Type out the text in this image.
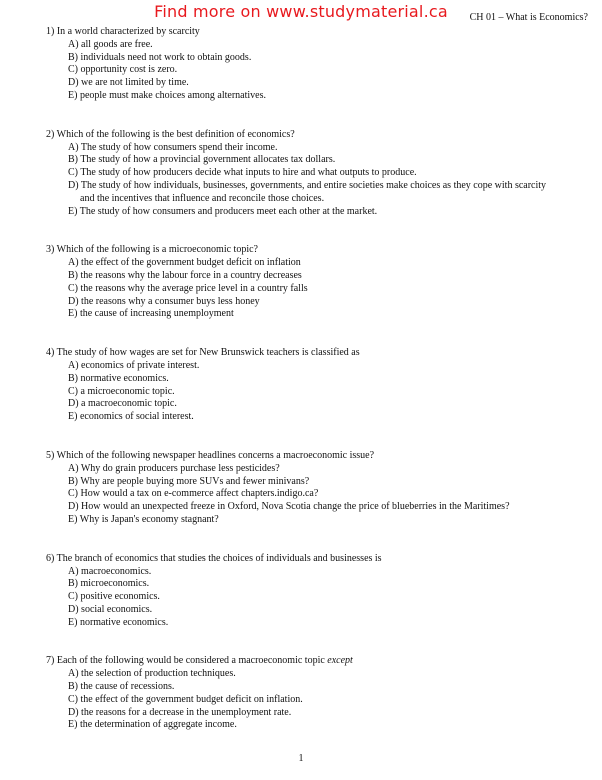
Find more on www.studymaterial.ca	CH 01 – What is Economics?

1) In a world characterized by scarcity

A) all goods are free.

B) individuals need not work to obtain goods.

C) opportunity cost is zero.

D) we are not limited by time.

E) people must make choices among alternatives.

2) Which of the following is the best definition of economics?

A) The study of how consumers spend their income.

B) The study of how a provincial government allocates tax dollars.

C) The study of how producers decide what inputs to hire and what outputs to produce.

D) The study of how individuals, businesses, governments, and entire societies make choices as they cope with scarcity
and the incentives that influence and reconcile those choices.

E) The study of how consumers and producers meet each other at the market.

3) Which of the following is a microeconomic topic?

A) the effect of the government budget deficit on inflation

B) the reasons why the labour force in a country decreases

C) the reasons why the average price level in a country falls

D) the reasons why a consumer buys less honey

E) the cause of increasing unemployment

4) The study of how wages are set for New Brunswick teachers is classified as

A) economics of private interest.

B) normative economics.

C) a microeconomic topic.

D) a macroeconomic topic.

E) economics of social interest.

5) Which of the following newspaper headlines concerns a macroeconomic issue?

A) Why do grain producers purchase less pesticides?

B) Why are people buying more SUVs and fewer minivans?

C) How would a tax on e-commerce affect chapters.indigo.ca?

D) How would an unexpected freeze in Oxford, Nova Scotia change the price of blueberries in the Maritimes?

E) Why is Japan's economy stagnant?

6) The branch of economics that studies the choices of individuals and businesses is

A) macroeconomics.

B) microeconomics.

C) positive economics.

D) social economics.

E) normative economics.

7) Each of the following would be considered a macroeconomic topic except

A) the selection of production techniques.

B) the cause of recessions.

C) the effect of the government budget deficit on inflation.

D) the reasons for a decrease in the unemployment rate.

E) the determination of aggregate income.

1
